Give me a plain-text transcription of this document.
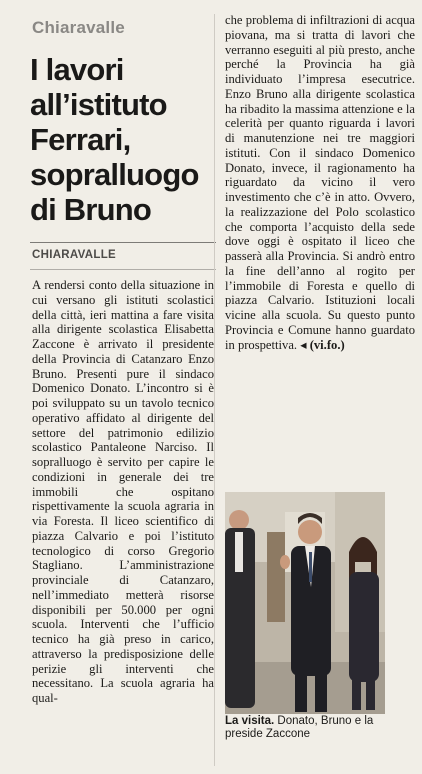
Chiaravalle
I lavori all’istituto Ferrari, sopralluogo di Bruno
CHIARAVALLE

A rendersi conto della situazione in cui versano gli istituti scolastici della città, ieri mattina a fare visita alla dirigente scolastica Elisabetta Zaccone è arrivato il presidente della Provincia di Catanzaro Enzo Bruno. Presenti pure il sindaco Domenico Donato. L’incontro si è poi sviluppato su un tavolo tecnico operativo affidato al dirigente del settore del patrimonio edilizio scolastico Pantaleone Narciso. Il sopralluogo è servito per capire le condizioni in generale dei tre immobili che ospitano rispettivamente la scuola agraria in via Foresta. Il liceo scientifico di piazza Calvario e poi l’istituto tecnologico di corso Gregorio Stagliano. L’amministrazione provinciale di Catanzaro, nell’immediato metterà risorse disponibili per 50.000 per ogni scuola. Interventi che l’ufficio tecnico ha già preso in carico, attraverso la predisposizione delle perizie gli interventi che necessitano. La scuola agraria ha qual-

che problema di infiltrazioni di acqua piovana, ma si tratta di lavori che verranno eseguiti al più presto, anche perché la Provincia ha già individuato l’impresa esecutrice. Enzo Bruno alla dirigente scolastica ha ribadito la massima attenzione e la celerità per quanto riguarda i lavori di manutenzione nei tre maggiori istituti. Con il sindaco Domenico Donato, invece, il ragionamento ha riguardato da vicino il vero investimento che c’è in atto. Ovvero, la realizzazione del Polo scolastico che comporta l’acquisto della sede dove oggi è ospitato il liceo che passerà alla Provincia. Si andrò entro la fine dell’anno al rogito per l’immobile di Foresta e quello di piazza Calvario. Istituzioni locali vicine alla scuola. Su questo punto Provincia e Comune hanno guardato in prospettiva. ◂ (vi.fo.)

La visita. Donato, Bruno e la preside Zaccone
